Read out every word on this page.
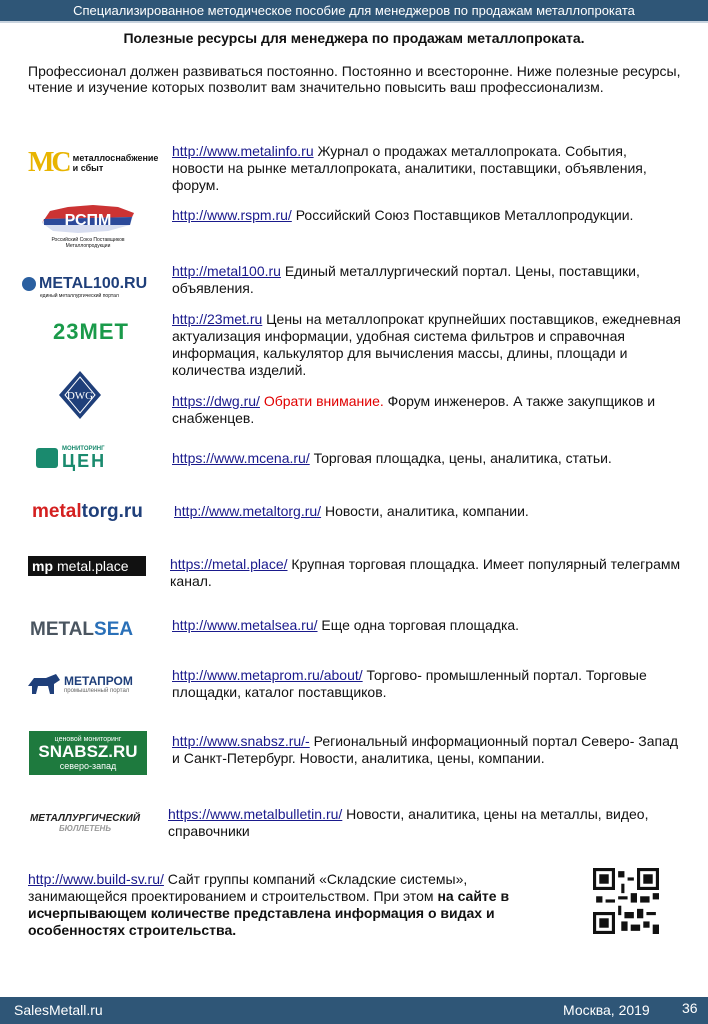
Специализированное методическое пособие для менеджеров по продажам металлопроката
Полезные ресурсы для менеджера по продажам металлопроката.
Профессионал должен развиваться постоянно. Постоянно и всесторонне. Ниже полезные ресурсы, чтение и изучение которых позволит вам значительно повысить ваш профессионализм.
МС металлоснабжение и сбыт
http://www.metalinfo.ru Журнал о продажах металлопроката. События, новости на рынке металлопроката, аналитики, поставщики, объявления, форум.
РСПМ
Российский Союз Поставщиков Металлопродукции
http://www.rspm.ru/ Российский Союз Поставщиков Металлопродукции.
METAL100.RU
единый металлургический портал
http://metal100.ru Единый металлургический портал. Цены, поставщики, объявления.
23МЕТ	http://23met.ru Цены на металлопрокат крупнейших поставщиков, ежедневная актуализация информации, удобная система фильтров и справочная информация, калькулятор для вычисления массы, длины, площади и количества изделий.
DWG	https://dwg.ru/ Обрати внимание. Форум инженеров. А также закупщиков и снабженцев.
МОНИТОРИНГ
ЦЕН	https://www.mcena.ru/ Торговая площадка, цены, аналитика, статьи.
metal torg .ru http://www.metaltorg.ru/ Новости, аналитика, компании.
mp metal.place	https://metal.place/ Крупная торговая площадка. Имеет популярный телеграмм канал.
METAL SEA	http://www.metalsea.ru/ Еще одна торговая площадка.
МЕТАПРОМ
промышленный портал
http://www.metaprom.ru/about/ Торгово- промышленный портал. Торговые площадки, каталог поставщиков.
ценовой мониторинг
SNABSZ.RU
северо-запад
http://www.snabsz.ru/- Региональный информационный портал Северо- Запад и Санкт-Петербург. Новости, аналитика, цены, компании.
МЕТАЛЛУРГИЧЕСКИЙ
БЮЛЛЕТЕНЬ
https://www.metalbulletin.ru/ Новости, аналитика, цены на металлы, видео, справочники
http://www.build-sv.ru/ Сайт группы компаний «Складские системы», занимающейся проектированием и строительством. При этом на сайте в исчерпывающем количестве представлена информация о видах и особенностях строительства.
SalesMetall.ru	Москва, 2019 36
